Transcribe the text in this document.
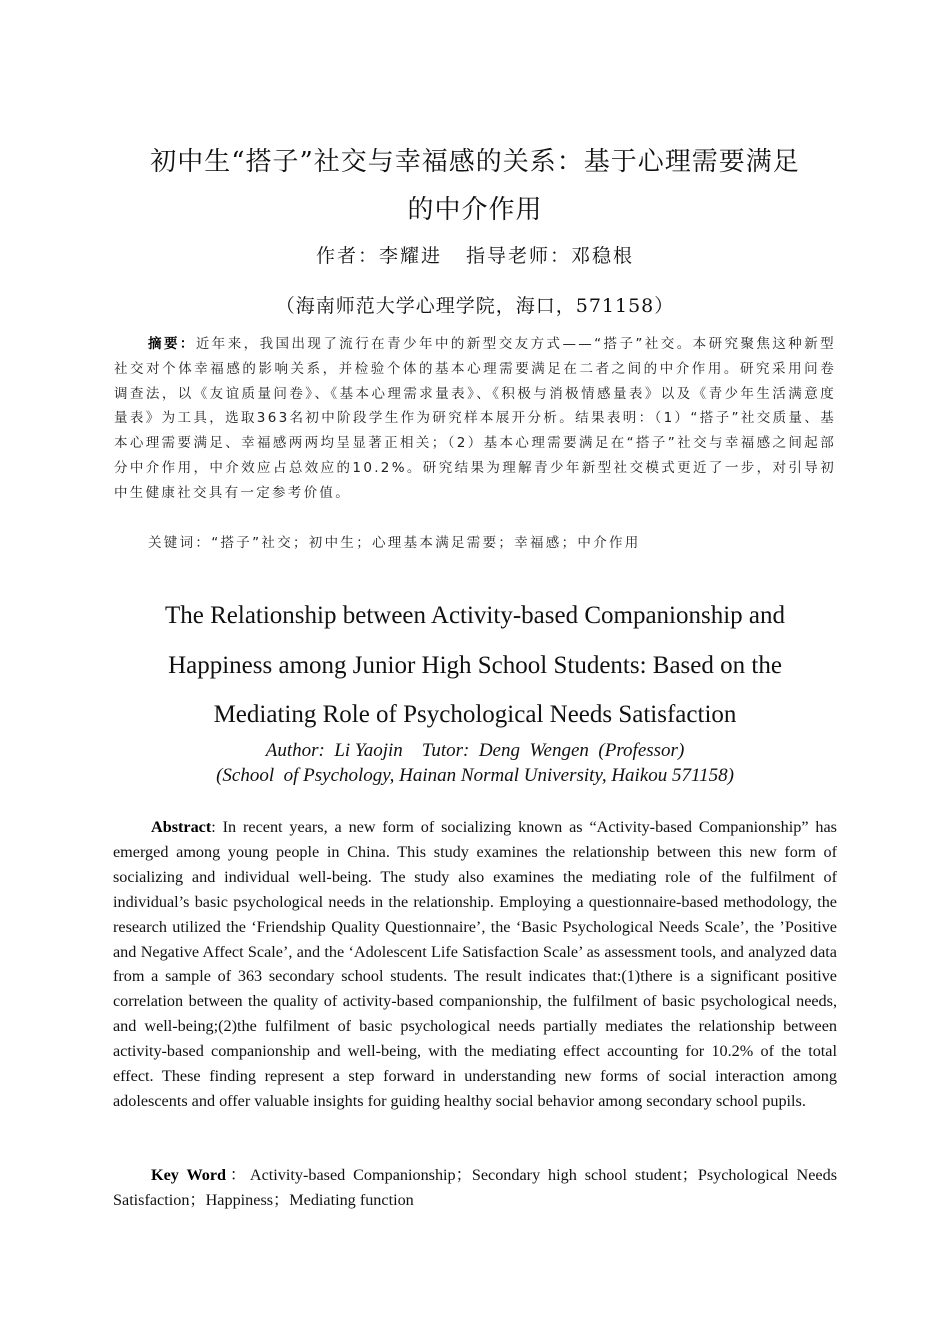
初中生“搭子”社交与幸福感的关系：基于心理需要满足
的中介作用
作者：李耀进   指导老师：邓稳根
（海南师范大学心理学院，海口，571158）
摘要：近年来，我国出现了流行在青少年中的新型交友方式——“搭子”社交。本研究聚焦这种新型社交对个体幸福感的影响关系，并检验个体的基本心理需要满足在二者之间的中介作用。研究采用问卷调查法，以《友谊质量问卷》、《基本心理需求量表》、《积极与消极情感量表》以及《青少年生活满意度量表》为工具，选取363名初中阶段学生作为研究样本展开分析。结果表明：（1）“搭子”社交质量、基本心理需要满足、幸福感两两均呈显著正相关；（2）基本心理需要满足在“搭子”社交与幸福感之间起部分中介作用，中介效应占总效应的10.2%。研究结果为理解青少年新型社交模式更近了一步，对引导初中生健康社交具有一定参考价值。
关键词：“搭子”社交；初中生；心理基本满足需要；幸福感；中介作用
The Relationship between Activity-based Companionship and
Happiness among Junior High School Students: Based on the
Mediating Role of Psychological Needs Satisfaction
Author:  Li Yaojin    Tutor:  Deng  Wengen  (Professor)
(School  of Psychology, Hainan Normal University, Haikou 571158)
Abstract: In recent years, a new form of socializing known as “Activity-based Companionship” has emerged among young people in China. This study examines the relationship between this new form of socializing and individual well-being. The study also examines the mediating role of the fulfilment of individual’s basic psychological needs in the relationship. Employing a questionnaire-based methodology, the research utilized the ‘Friendship Quality Questionnaire’, the ‘Basic Psychological Needs Scale’, the ’Positive and Negative Affect Scale’, and the ‘Adolescent Life Satisfaction Scale’ as assessment tools, and analyzed data from a sample of 363 secondary school students. The result indicates that:(1)there is a significant positive correlation between the quality of activity-based companionship, the fulfilment of basic psychological needs, and well-being;(2)the fulfilment of basic psychological needs partially mediates the relationship between activity-based companionship and well-being, with the mediating effect accounting for 10.2% of the total effect. These finding represent a step forward in understanding new forms of social interaction among adolescents and offer valuable insights for guiding healthy social behavior among secondary school pupils.
Key Word：Activity-based Companionship；Secondary high school student；Psychological Needs Satisfaction；Happiness；Mediating function
